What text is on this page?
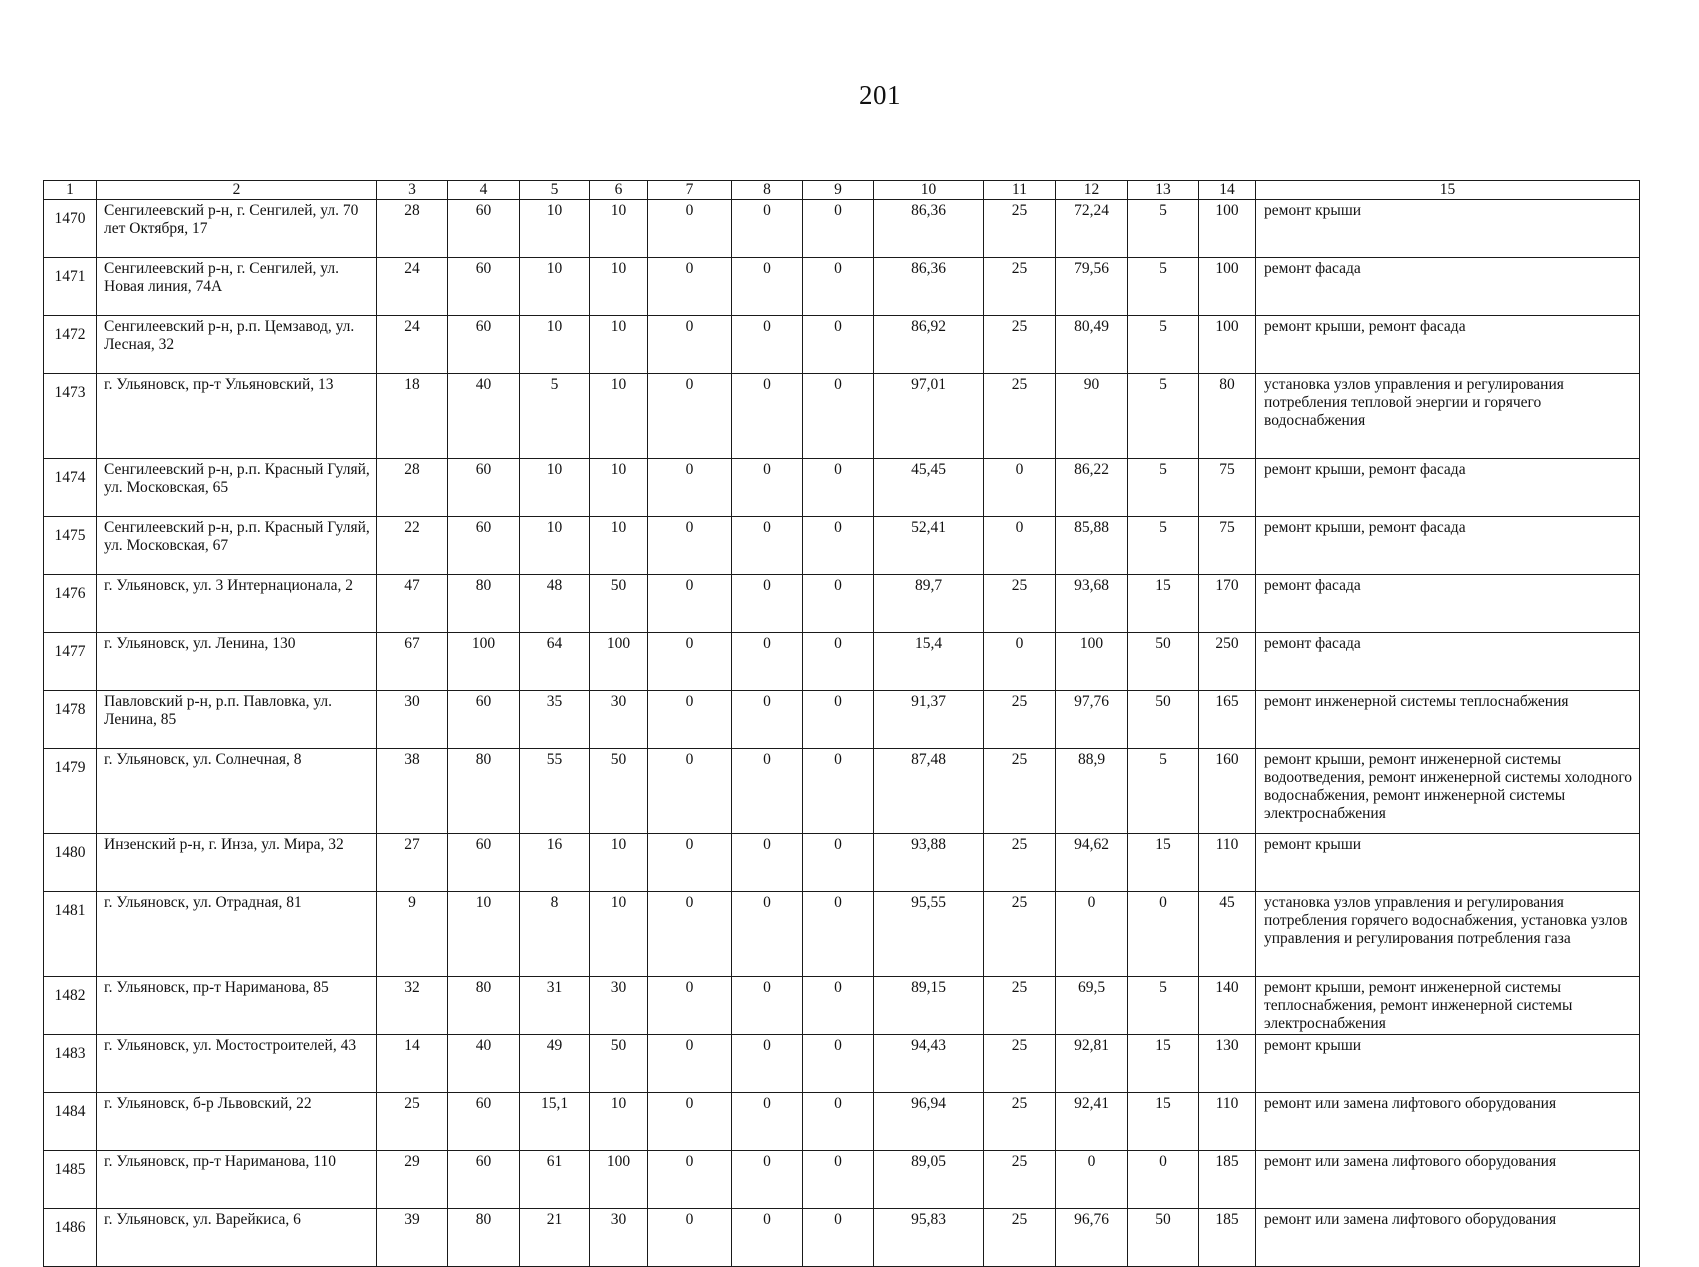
201
1	2	3	4	5	6	7	8	9	10	11	12	13	14	15
1470	Сенгилеевский р-н, г. Сенгилей, ул. 70 лет Октября, 17	28	60	10	10	0	0	0	86,36	25	72,24	5	100	ремонт крыши
1471	Сенгилеевский р-н, г. Сенгилей, ул. Новая линия, 74А	24	60	10	10	0	0	0	86,36	25	79,56	5	100	ремонт фасада
1472	Сенгилеевский р-н, р.п. Цемзавод, ул. Лесная, 32	24	60	10	10	0	0	0	86,92	25	80,49	5	100	ремонт крыши, ремонт фасада
1473	г. Ульяновск, пр-т Ульяновский, 13	18	40	5	10	0	0	0	97,01	25	90	5	80	установка узлов управления и регулирования потребления тепловой энергии и горячего водоснабжения
1474	Сенгилеевский р-н, р.п. Красный Гуляй, ул. Московская, 65	28	60	10	10	0	0	0	45,45	0	86,22	5	75	ремонт крыши, ремонт фасада
1475	Сенгилеевский р-н, р.п. Красный Гуляй, ул. Московская, 67	22	60	10	10	0	0	0	52,41	0	85,88	5	75	ремонт крыши, ремонт фасада
1476	г. Ульяновск, ул. 3 Интернационала, 2	47	80	48	50	0	0	0	89,7	25	93,68	15	170	ремонт фасада
1477	г. Ульяновск, ул. Ленина, 130	67	100	64	100	0	0	0	15,4	0	100	50	250	ремонт фасада
1478	Павловский р-н, р.п. Павловка, ул. Ленина, 85	30	60	35	30	0	0	0	91,37	25	97,76	50	165	ремонт инженерной системы теплоснабжения
1479	г. Ульяновск, ул. Солнечная, 8	38	80	55	50	0	0	0	87,48	25	88,9	5	160	ремонт крыши, ремонт инженерной системы водоотведения, ремонт инженерной системы холодного водоснабжения, ремонт инженерной системы электроснабжения
1480	Инзенский р-н, г. Инза, ул. Мира, 32	27	60	16	10	0	0	0	93,88	25	94,62	15	110	ремонт крыши
1481	г. Ульяновск, ул. Отрадная, 81	9	10	8	10	0	0	0	95,55	25	0	0	45	установка узлов управления и регулирования потребления горячего водоснабжения, установка узлов управления и регулирования потребления газа
1482	г. Ульяновск, пр-т Нариманова, 85	32	80	31	30	0	0	0	89,15	25	69,5	5	140	ремонт крыши, ремонт инженерной системы теплоснабжения, ремонт инженерной системы электроснабжения
1483	г. Ульяновск, ул. Мостостроителей, 43	14	40	49	50	0	0	0	94,43	25	92,81	15	130	ремонт крыши
1484	г. Ульяновск, б-р Львовский, 22	25	60	15,1	10	0	0	0	96,94	25	92,41	15	110	ремонт или замена лифтового оборудования
1485	г. Ульяновск, пр-т Нариманова, 110	29	60	61	100	0	0	0	89,05	25	0	0	185	ремонт или замена лифтового оборудования
1486	г. Ульяновск, ул. Варейкиса, 6	39	80	21	30	0	0	0	95,83	25	96,76	50	185	ремонт или замена лифтового оборудования
